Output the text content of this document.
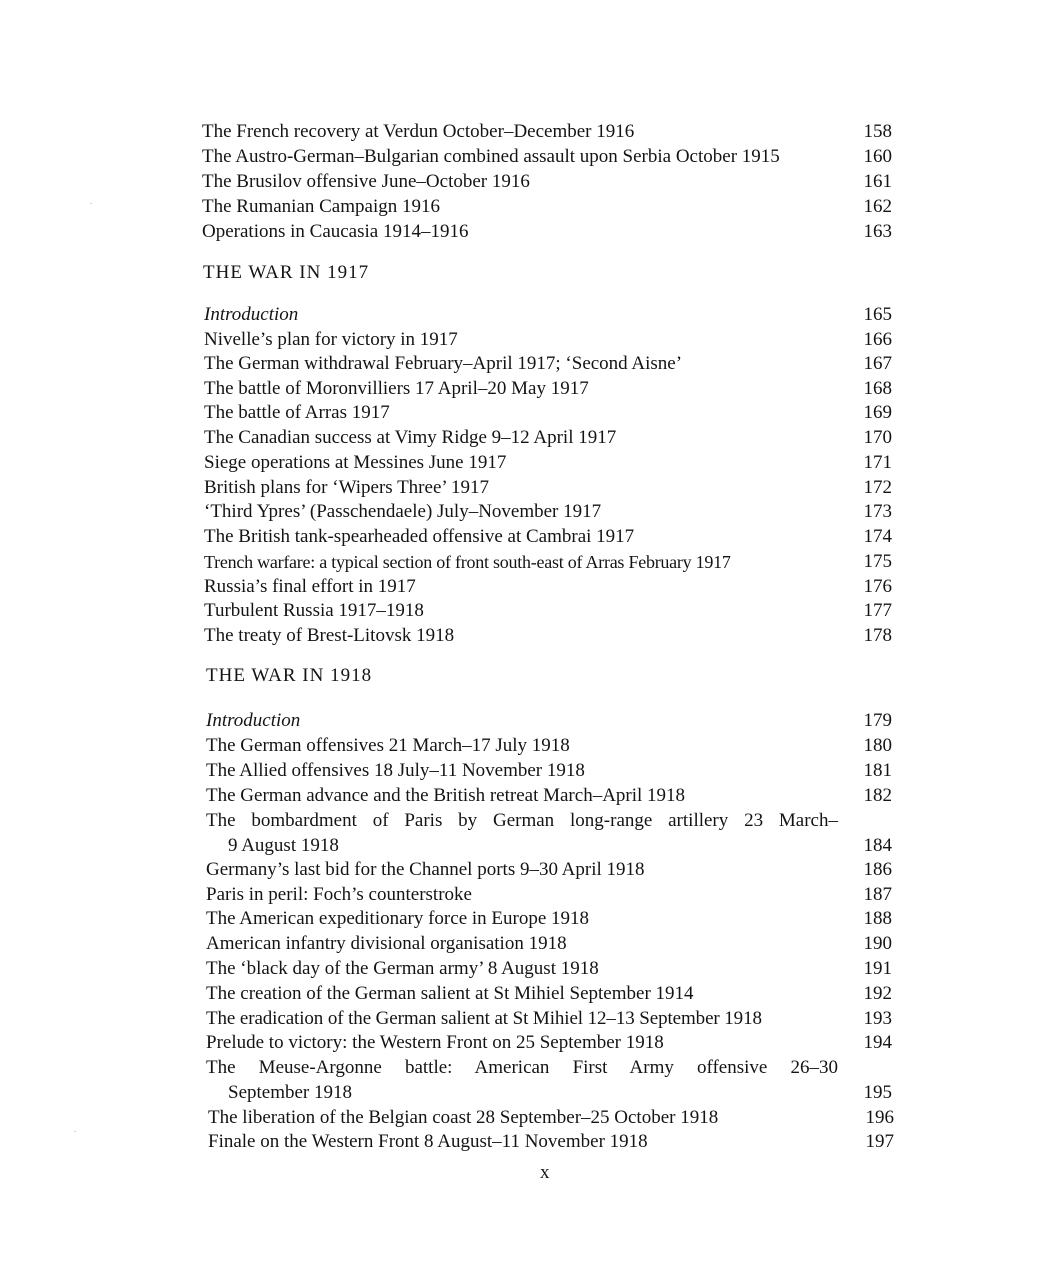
The French recovery at Verdun October–December 1916	158
The Austro-German–Bulgarian combined assault upon Serbia October 1915	160
The Brusilov offensive June–October 1916	161
The Rumanian Campaign 1916	162
Operations in Caucasia 1914–1916	163
THE WAR IN 1917
Introduction	165
Nivelle’s plan for victory in 1917	166
The German withdrawal February–April 1917; ‘Second Aisne’	167
The battle of Moronvilliers 17 April–20 May 1917	168
The battle of Arras 1917	169
The Canadian success at Vimy Ridge 9–12 April 1917	170
Siege operations at Messines June 1917	171
British plans for ‘Wipers Three’ 1917	172
‘Third Ypres’ (Passchendaele) July–November 1917	173
The British tank-spearheaded offensive at Cambrai 1917	174
Trench warfare: a typical section of front south-east of Arras February 1917	175
Russia’s final effort in 1917	176
Turbulent Russia 1917–1918	177
The treaty of Brest-Litovsk 1918	178
THE WAR IN 1918
Introduction	179
The German offensives 21 March–17 July 1918	180
The Allied offensives 18 July–11 November 1918	181
The German advance and the British retreat March–April 1918	182
The bombardment of Paris by German long-range artillery 23 March–
9 August 1918	184
Germany’s last bid for the Channel ports 9–30 April 1918	186
Paris in peril: Foch’s counterstroke	187
The American expeditionary force in Europe 1918	188
American infantry divisional organisation 1918	190
The ‘black day of the German army’ 8 August 1918	191
The creation of the German salient at St Mihiel September 1914	192
The eradication of the German salient at St Mihiel 12–13 September 1918	193
Prelude to victory: the Western Front on 25 September 1918	194
The Meuse-Argonne battle: American First Army offensive 26–30
September 1918	195
The liberation of the Belgian coast 28 September–25 October 1918	196
Finale on the Western Front 8 August–11 November 1918	197
x
